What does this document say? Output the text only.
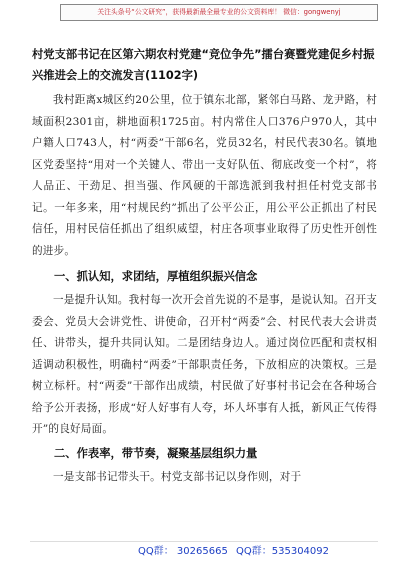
关注头条号“公文研究”，获得最新最全最专业的公文资料库！ 微信：gongwenyj

村党支部书记在区第六期农村党建“竞位争先”擂台赛暨党建促乡村振兴推进会上的交流发言(1102字)

我村距离x城区约20公里，位于镇东北部，紧邻白马路、龙尹路，村域面积2301亩，耕地面积1725亩。村内常住人口376户970人，其中户籍人口743人，村“两委”干部6名，党员32名，村民代表30名。镇地区党委坚持“用对一个关键人、带出一支好队伍、彻底改变一个村”，将人品正、干劲足、担当强、作风硬的干部选派到我村担任村党支部书记。一年多来，用“村规民约”抓出了公平公正，用公平公正抓出了村民信任，用村民信任抓出了组织威望，村庄各项事业取得了历史性开创性的进步。

一、抓认知，求团结，厚植组织振兴信念

一是提升认知。我村每一次开会首先说的不是事，是说认知。召开支委会、党员大会讲党性、讲使命，召开村“两委”会、村民代表大会讲责任、讲带头，提升共同认知。二是团结身边人。通过岗位匹配和责权相适调动积极性，明确村“两委”干部职责任务，下放相应的决策权。三是树立标杆。村“两委”干部作出成绩，村民做了好事村书记会在各种场合给予公开表扬，形成“好人好事有人夸，坏人坏事有人抵，新风正气传得开”的良好局面。

二、作表率，带节奏，凝聚基层组织力量

一是支部书记带头干。村党支部书记以身作则，对于

QQ群： 30265665 QQ群：535304092
